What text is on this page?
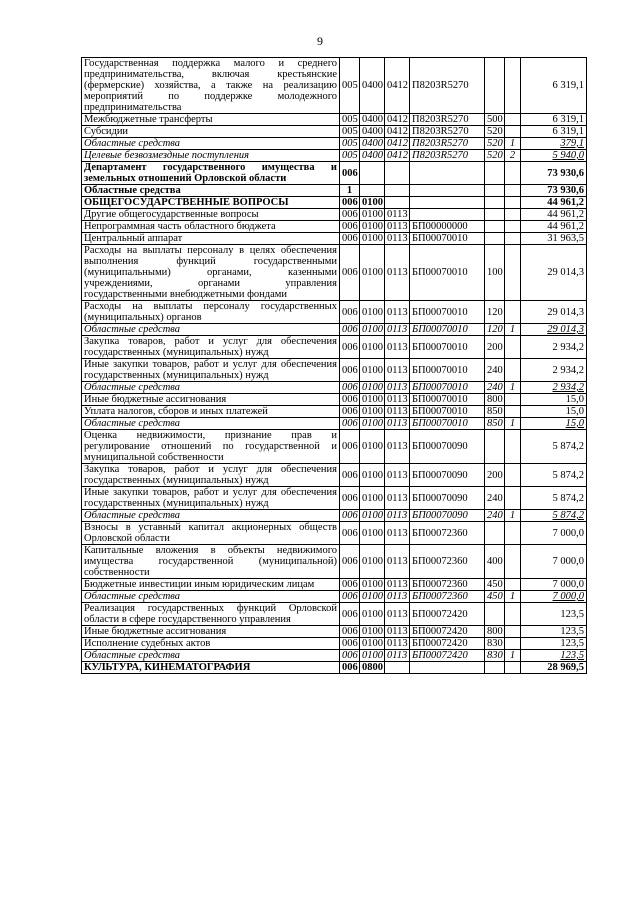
9
Государственная поддержка малого и среднего предпринимательства, включая крестьянские (фермерские) хозяйства, а также на реализацию мероприятий по поддержке молодежного предпринимательства	005	0400	0412	П8203R5270			6 319,1
Межбюджетные трансферты	005	0400	0412	П8203R5270	500		6 319,1
Субсидии	005	0400	0412	П8203R5270	520		6 319,1
Областные средства	005	0400	0412	П8203R5270	520	1	379,1
Целевые безвозмездные поступления	005	0400	0412	П8203R5270	520	2	5 940,0
Департамент государственного имущества и земельных отношений Орловской области	006						73 930,6
Областные средства	1						73 930,6
ОБЩЕГОСУДАРСТВЕННЫЕ ВОПРОСЫ	006	0100					44 961,2
Другие общегосударственные вопросы	006	0100	0113				44 961,2
Непрограммная часть областного бюджета	006	0100	0113	БП00000000			44 961,2
Центральный аппарат	006	0100	0113	БП00070010			31 963,5
Расходы на выплаты персоналу в целях обеспечения выполнения функций государственными (муниципальными) органами, казенными учреждениями, органами управления государственными внебюджетными фондами	006	0100	0113	БП00070010	100		29 014,3
Расходы на выплаты персоналу государственных (муниципальных) органов	006	0100	0113	БП00070010	120		29 014,3
Областные средства	006	0100	0113	БП00070010	120	1	29 014,3
Закупка товаров, работ и услуг для обеспечения государственных (муниципальных) нужд	006	0100	0113	БП00070010	200		2 934,2
Иные закупки товаров, работ и услуг для обеспечения государственных (муниципальных) нужд	006	0100	0113	БП00070010	240		2 934,2
Областные средства	006	0100	0113	БП00070010	240	1	2 934,2
Иные бюджетные ассигнования	006	0100	0113	БП00070010	800		15,0
Уплата налогов, сборов и иных платежей	006	0100	0113	БП00070010	850		15,0
Областные средства	006	0100	0113	БП00070010	850	1	15,0
Оценка недвижимости, признание прав и регулирование отношений по государственной и муниципальной собственности	006	0100	0113	БП00070090			5 874,2
Закупка товаров, работ и услуг для обеспечения государственных (муниципальных) нужд	006	0100	0113	БП00070090	200		5 874,2
Иные закупки товаров, работ и услуг для обеспечения государственных (муниципальных) нужд	006	0100	0113	БП00070090	240		5 874,2
Областные средства	006	0100	0113	БП00070090	240	1	5 874,2
Взносы в уставный капитал акционерных обществ Орловской области	006	0100	0113	БП00072360			7 000,0
Капитальные вложения в объекты недвижимого имущества государственной (муниципальной) собственности	006	0100	0113	БП00072360	400		7 000,0
Бюджетные инвестиции иным юридическим лицам	006	0100	0113	БП00072360	450		7 000,0
Областные средства	006	0100	0113	БП00072360	450	1	7 000,0
Реализация государственных функций Орловской области в сфере государственного управления	006	0100	0113	БП00072420			123,5
Иные бюджетные ассигнования	006	0100	0113	БП00072420	800		123,5
Исполнение судебных актов	006	0100	0113	БП00072420	830		123,5
Областные средства	006	0100	0113	БП00072420	830	1	123,5
КУЛЬТУРА, КИНЕМАТОГРАФИЯ	006	0800					28 969,5
